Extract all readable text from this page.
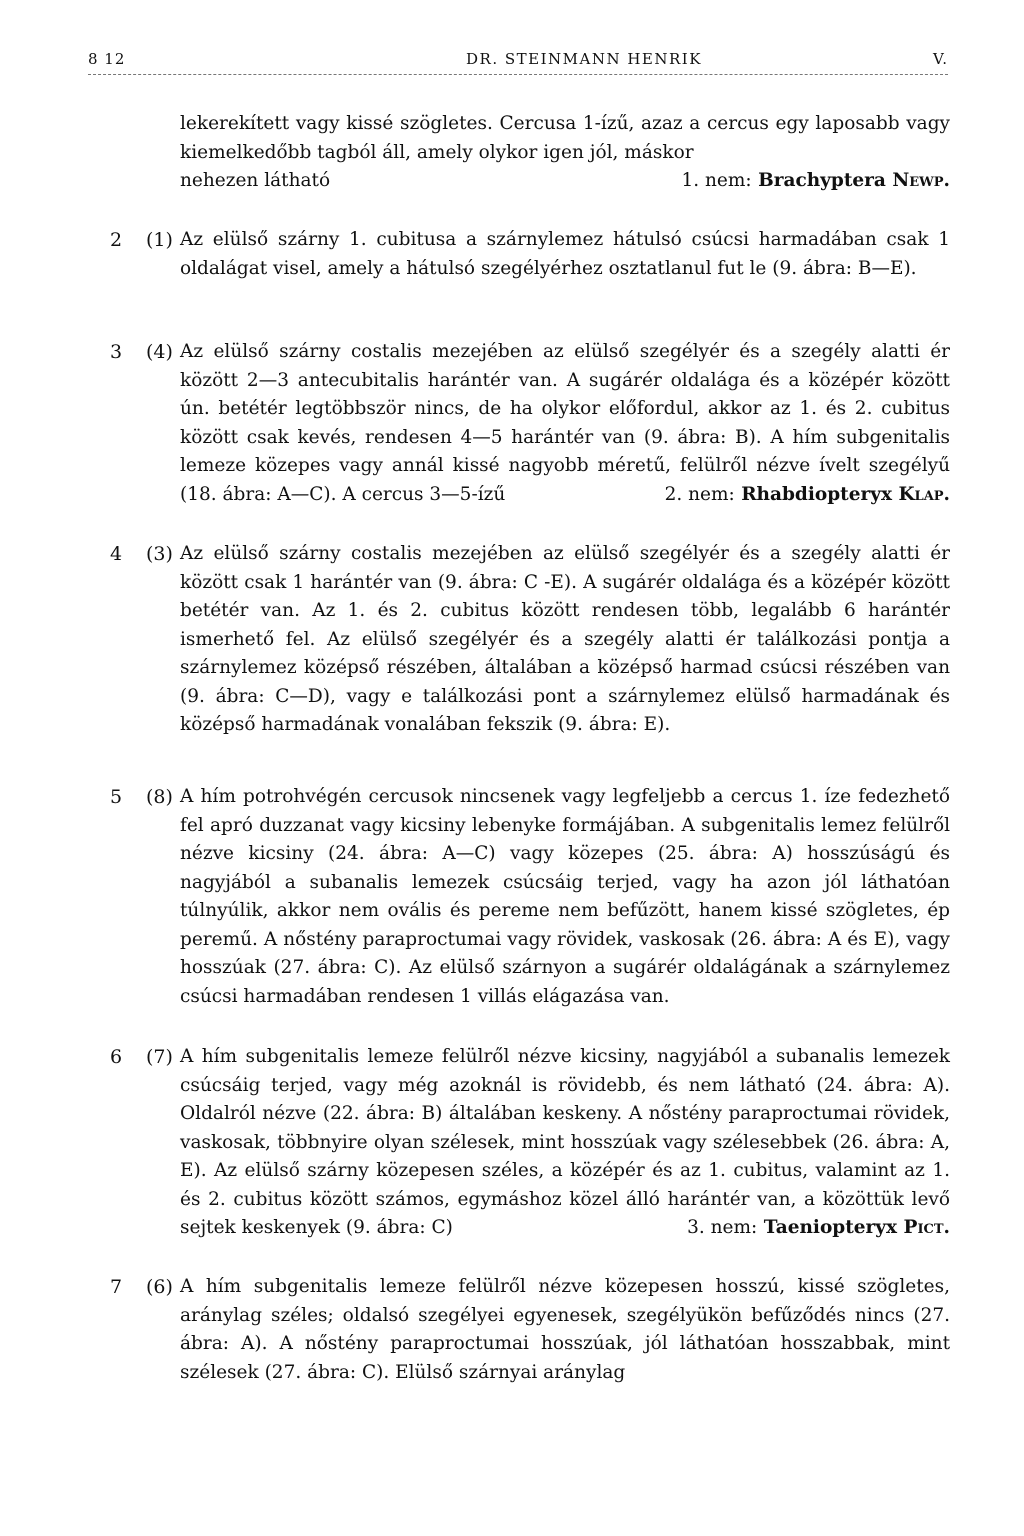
8 12	DR. STEINMANN HENRIK	V.
lekerekített vagy kissé szögletes. Cercusa 1-ízű, azaz a cercus egy laposabb vagy kiemelkedőbb tagból áll, amely olykor igen jól, máskor
nehezen látható	1. nem: Brachyptera Newp.
2 (1) Az elülső szárny 1. cubitusa a szárnylemez hátulsó csúcsi harmadában csak 1 oldalágat visel, amely a hátulsó szegélyérhez osztatlanul fut le (9. ábra: B—E).
3 (4) Az elülső szárny costalis mezejében az elülső szegélyér és a szegély alatti ér között 2—3 antecubitalis harántér van. A sugárér oldalága és a középér között ún. betétér legtöbbször nincs, de ha olykor előfordul, akkor az 1. és 2. cubitus között csak kevés, rendesen 4—5 harántér van (9. ábra: B). A hím subgenitalis lemeze közepes vagy annál kissé nagyobb méretű, felülről nézve ívelt szegélyű (18. ábra: A—C). A cercus 3—5-ízű	2. nem: Rhabdiopteryx Klap.
4 (3) Az elülső szárny costalis mezejében az elülső szegélyér és a szegély alatti ér között csak 1 harántér van (9. ábra: C -E). A sugárér oldalága és a középér között betétér van. Az 1. és 2. cubitus között rendesen több, legalább 6 harántér ismerhető fel. Az elülső szegélyér és a szegély alatti ér találkozási pontja a szárnylemez középső részében, általában a középső harmad csúcsi részében van (9. ábra: C—D), vagy e találkozási pont a szárnylemez elülső harmadának és középső harmadának vonalában fekszik (9. ábra: E).
5 (8) A hím potrohvégén cercusok nincsenek vagy legfeljebb a cercus 1. íze fedezhető fel apró duzzanat vagy kicsiny lebenyke formájában. A subgenitalis lemez felülről nézve kicsiny (24. ábra: A—C) vagy közepes (25. ábra: A) hosszúságú és nagyjából a subanalis lemezek csúcsáig terjed, vagy ha azon jól láthatóan túlnyúlik, akkor nem ovális és pereme nem befűzött, hanem kissé szögletes, ép peremű. A nőstény paraproctumai vagy rövidek, vaskosak (26. ábra: A és E), vagy hosszúak (27. ábra: C). Az elülső szárnyon a sugárér oldalágának a szárnylemez csúcsi harmadában rendesen 1 villás elágazása van.
6 (7) A hím subgenitalis lemeze felülről nézve kicsiny, nagyjából a subanalis lemezek csúcsáig terjed, vagy még azoknál is rövidebb, és nem látható (24. ábra: A). Oldalról nézve (22. ábra: B) általában keskeny. A nőstény paraproctumai rövidek, vaskosak, többnyire olyan szélesek, mint hosszúak vagy szélesebbek (26. ábra: A, E). Az elülső szárny közepesen széles, a középér és az 1. cubitus, valamint az 1. és 2. cubitus között számos, egymáshoz közel álló harántér van, a közöttük levő sejtek keskenyek (9. ábra: C)	3. nem: Taeniopteryx Pict.
7 (6) A hím subgenitalis lemeze felülről nézve közepesen hosszú, kissé szögletes, aránylag széles; oldalsó szegélyei egyenesek, szegélyükön befűződés nincs (27. ábra: A). A nőstény paraproctumai hosszúak, jól láthatóan hosszabbak, mint szélesek (27. ábra: C). Elülső szárnyai aránylag
